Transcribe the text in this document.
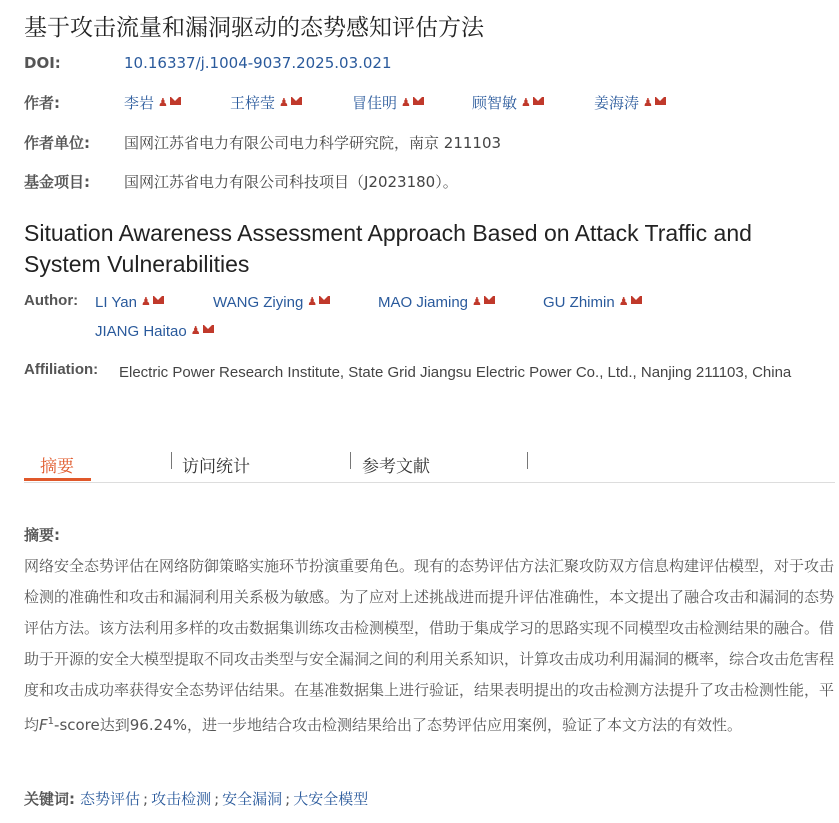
基于攻击流量和漏洞驱动的态势感知评估方法
DOI:	10.16337/j.1004-9037.2025.03.021
作者:	李岩 ♟	王梓莹 ♟	冒佳明 ♟	顾智敏 ♟	姜海涛 ♟
作者单位: 国网江苏省电力有限公司电力科学研究院，南京 211103
基金项目: 国网江苏省电力有限公司科技项目（J2023180）。
Situation Awareness Assessment Approach Based on Attack Traffic and System Vulnerabilities
Author: LI Yan ♟	WANG Ziying ♟	MAO Jiaming ♟	GU Zhimin ♟
JIANG Haitao ♟
Affiliation: Electric Power Research Institute, State Grid Jiangsu Electric Power Co., Ltd., Nanjing 211103, China
摘要	访问统计	参考文献
摘要:
网络安全态势评估在网络防御策略实施环节扮演重要角色。现有的态势评估方法汇聚攻防双方信息构建评估模型，对于攻击检测的准确性和攻击和漏洞利用关系极为敏感。为了应对上述挑战进而提升评估准确性，本文提出了融合攻击和漏洞的态势评估方法。该方法利用多样的攻击数据集训练攻击检测模型，借助于集成学习的思路实现不同模型攻击检测结果的融合。借助于开源的安全大模型提取不同攻击类型与安全漏洞之间的利用关系知识，计算攻击成功利用漏洞的概率，综合攻击危害程度和攻击成功率获得安全态势评估结果。在基准数据集上进行验证，结果表明提出的攻击检测方法提升了攻击检测性能，平均$F^1$-score达到96.24%，进一步地结合攻击检测结果给出了态势评估应用案例，验证了本文方法的有效性。
关键词: 态势评估 ; 攻击检测 ; 安全漏洞 ; 大安全模型
